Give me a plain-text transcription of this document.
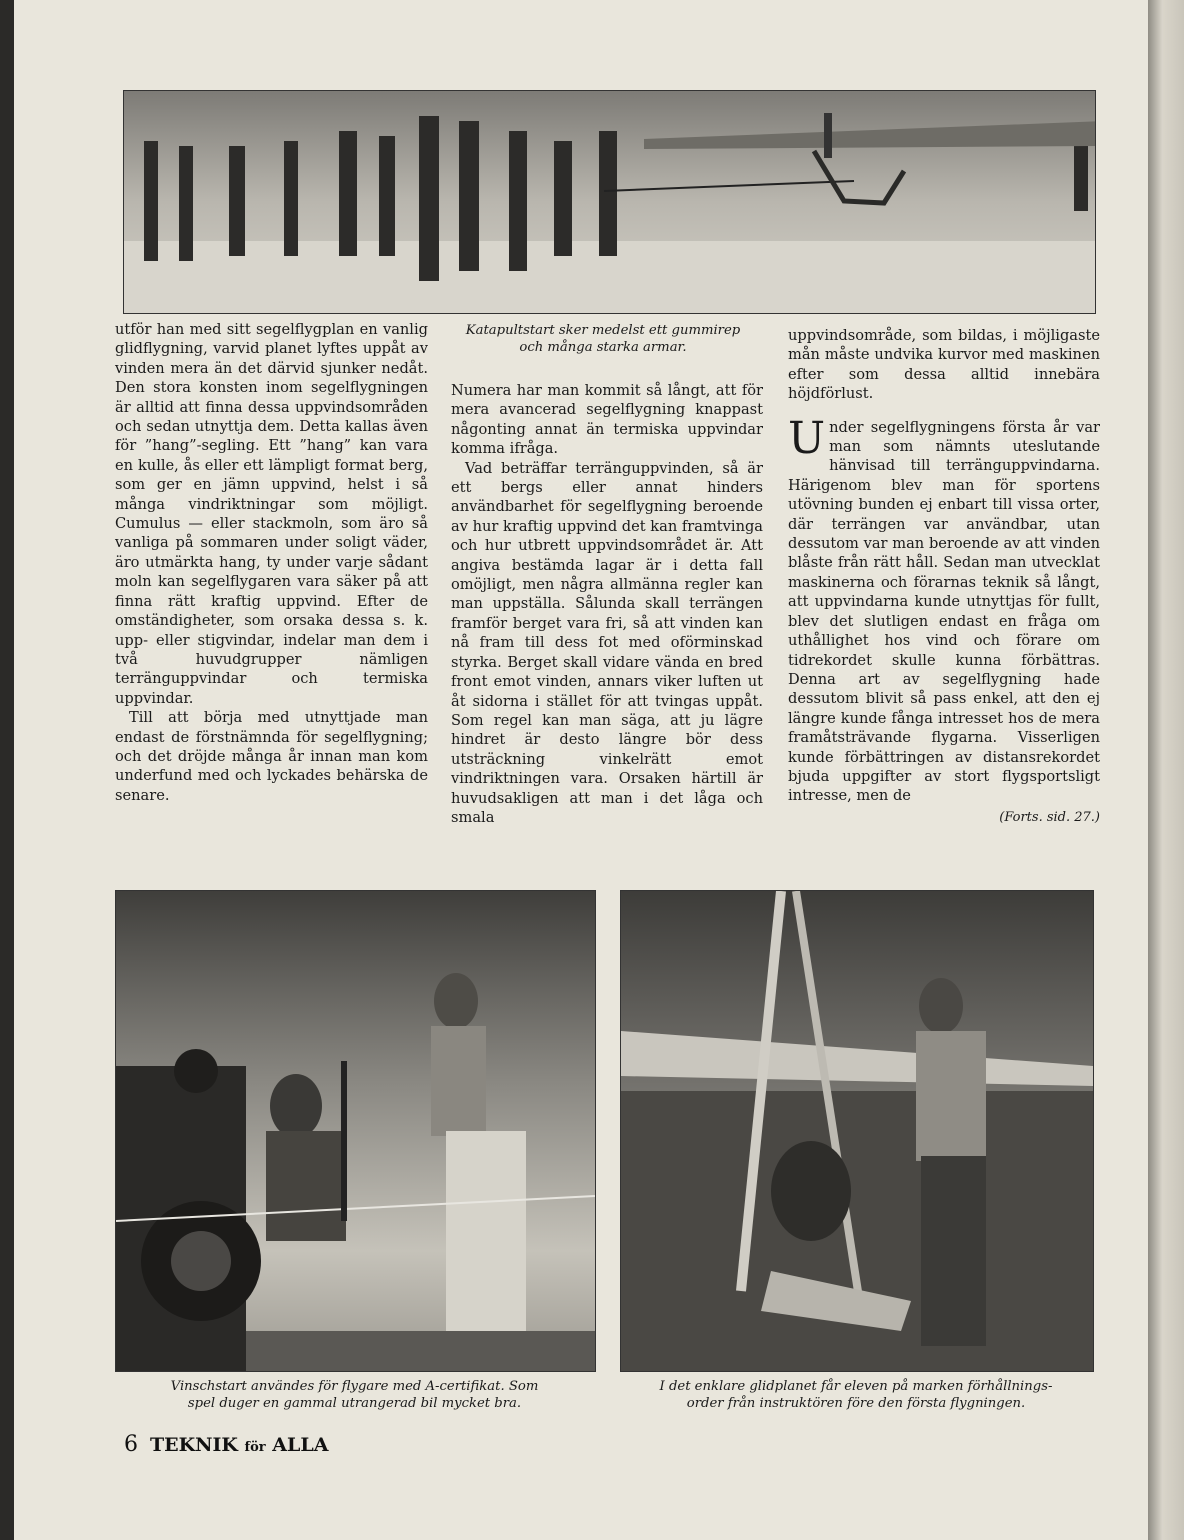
utför han med sitt segelflygplan en vanlig glidflygning, varvid planet lyftes uppåt av vinden mera än det därvid sjunker nedåt. Den stora konsten inom segelflygningen är alltid att finna dessa uppvindsområden och sedan utnyttja dem. Detta kallas även för ”hang”-segling. Ett ”hang” kan vara en kulle, ås eller ett lämpligt format berg, som ger en jämn uppvind, helst i så många vindriktningar som möjligt. Cumulus — eller stackmoln, som äro så vanliga på sommaren under soligt väder, äro utmärkta hang, ty under varje sådant moln kan segelflygaren vara säker på att finna rätt kraftig uppvind. Efter de omständigheter, som orsaka dessa s. k. upp- eller stigvindar, indelar man dem i två huvudgrupper nämligen terränguppvindar och termiska uppvindar.

Till att börja med utnyttjade man endast de förstnämnda för segelflygning; och det dröjde många år innan man kom underfund med och lyckades behärska de senare.

Katapultstart sker medelst ett gummirep
och många starka armar.

Numera har man kommit så långt, att för mera avancerad segelflygning knappast någonting annat än termiska uppvindar komma ifråga.

Vad beträffar terränguppvinden, så är ett bergs eller annat hinders användbarhet för segelflygning beroende av hur kraftig uppvind det kan framtvinga och hur utbrett uppvindsområdet är. Att angiva bestämda lagar är i detta fall omöjligt, men några allmänna regler kan man uppställa. Sålunda skall terrängen framför berget vara fri, så att vinden kan nå fram till dess fot med oförminskad styrka. Berget skall vidare vända en bred front emot vinden, annars viker luften ut åt sidorna i stället för att tvingas uppåt. Som regel kan man säga, att ju lägre hindret är desto längre bör dess utsträckning vinkelrätt emot vindriktningen vara. Orsaken härtill är huvudsakligen att man i det låga och smala

uppvindsområde, som bildas, i möjligaste mån måste undvika kurvor med maskinen efter som dessa alltid innebära höjdförlust.

Under segelflygningens första år var man som nämnts uteslutande hänvisad till terränguppvindarna. Härigenom blev man för sportens utövning bunden ej enbart till vissa orter, där terrängen var användbar, utan dessutom var man beroende av att vinden blåste från rätt håll. Sedan man utvecklat maskinerna och förarnas teknik så långt, att uppvindarna kunde utnyttjas för fullt, blev det slutligen endast en fråga om uthållighet hos vind och förare om tidrekordet skulle kunna förbättras. Denna art av segelflygning hade dessutom blivit så pass enkel, att den ej längre kunde fånga intresset hos de mera framåtsträvande flygarna. Visserligen kunde förbättringen av distansrekordet bjuda uppgifter av stort flygsportsligt intresse, men de

(Forts. sid. 27.)
Vinschstart användes för flygare med A-certifikat. Som
spel duger en gammal utrangerad bil mycket bra.
I det enklare glidplanet får eleven på marken förhållnings-
order från instruktören före den första flygningen.
6 TEKNIK för ALLA
